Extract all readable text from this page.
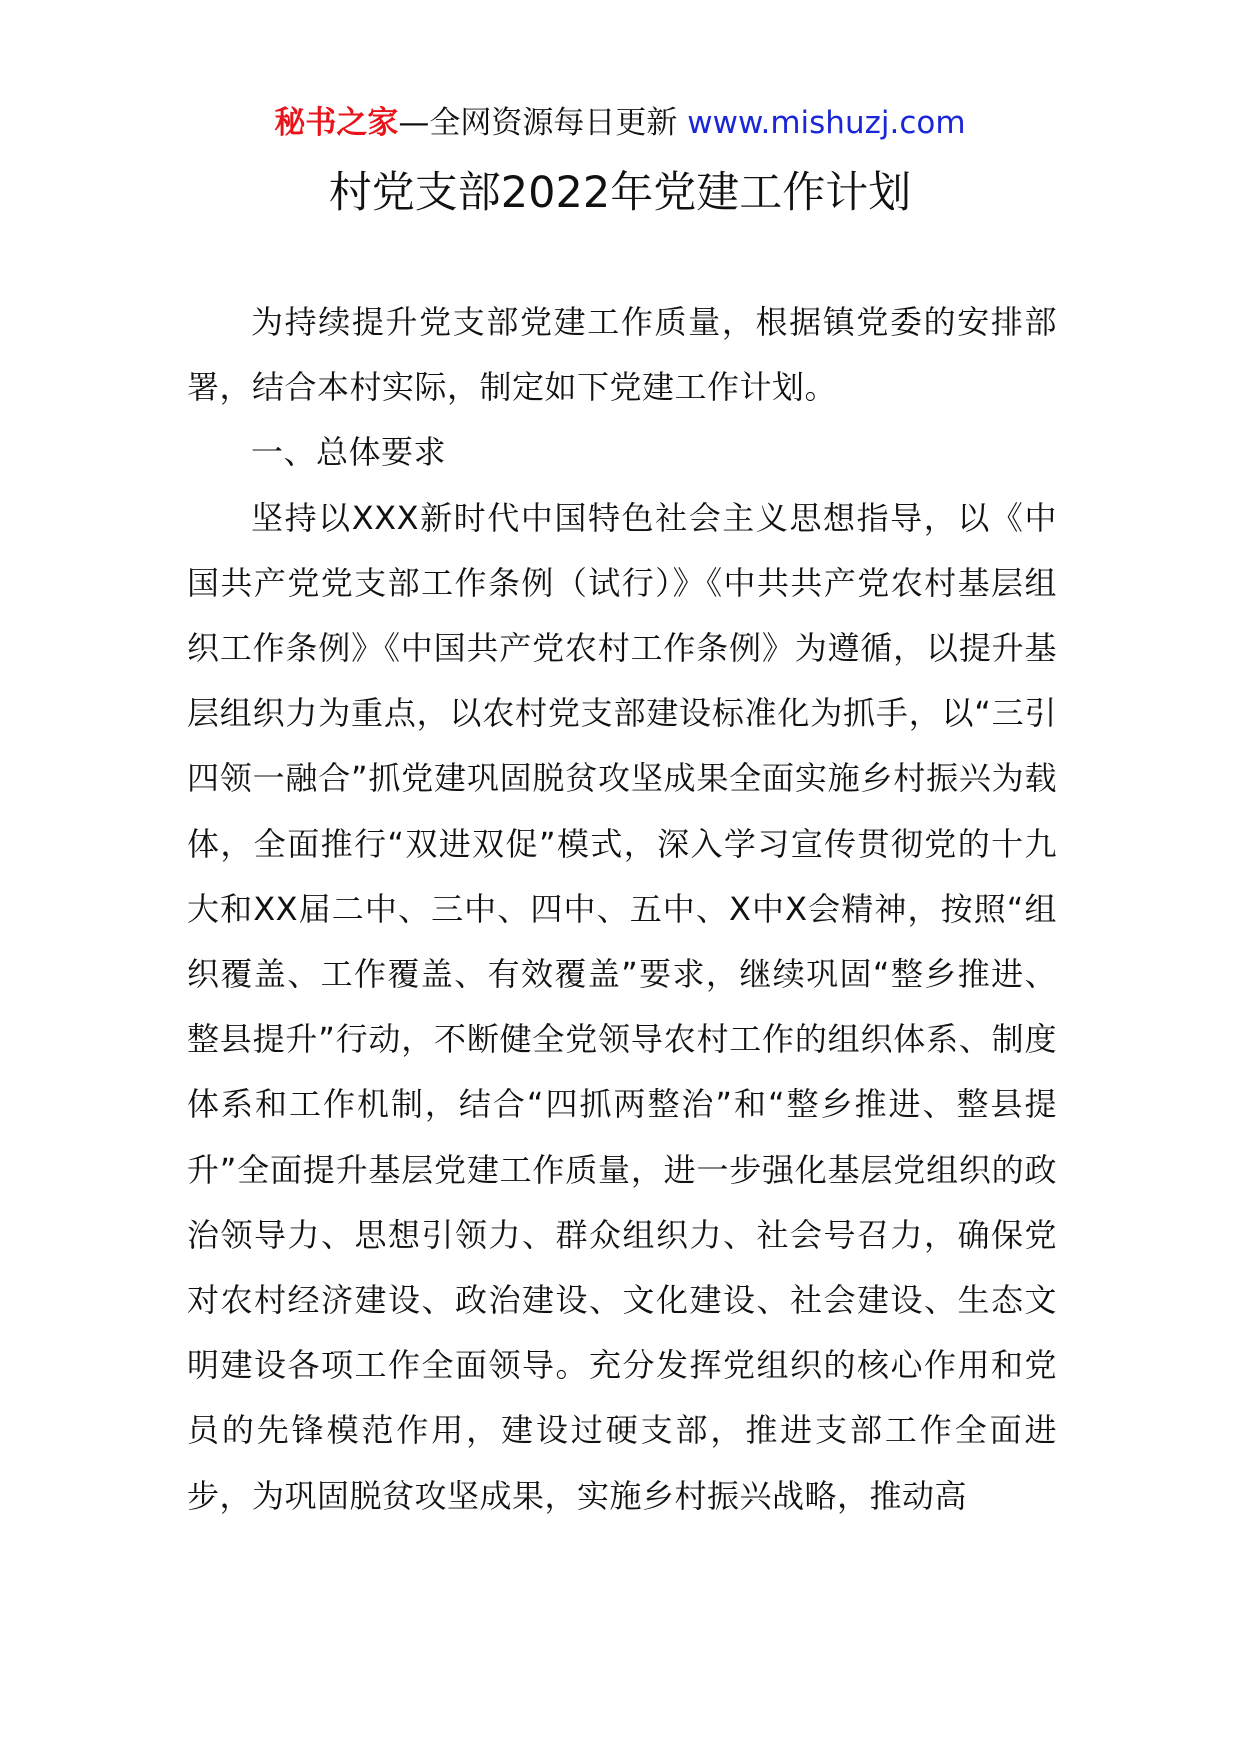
秘书之家—全网资源每日更新 www.mishuzj.com
村党支部2022年党建工作计划

为持续提升党支部党建工作质量，根据镇党委的安排部署，结合本村实际，制定如下党建工作计划。

一、总体要求

坚持以XXX新时代中国特色社会主义思想指导，以《中国共产党党支部工作条例（试行）》《中共共产党农村基层组织工作条例》《中国共产党农村工作条例》为遵循，以提升基层组织力为重点，以农村党支部建设标准化为抓手，以“三引四领一融合”抓党建巩固脱贫攻坚成果全面实施乡村振兴为载体，全面推行“双进双促”模式，深入学习宣传贯彻党的十九大和XX届二中、三中、四中、五中、X中X会精神，按照“组织覆盖、工作覆盖、有效覆盖”要求，继续巩固“整乡推进、整县提升”行动，不断健全党领导农村工作的组织体系、制度体系和工作机制，结合“四抓两整治”和“整乡推进、整县提升”全面提升基层党建工作质量，进一步强化基层党组织的政治领导力、思想引领力、群众组织力、社会号召力，确保党对农村经济建设、政治建设、文化建设、社会建设、生态文明建设各项工作全面领导。充分发挥党组织的核心作用和党员的先锋模范作用，建设过硬支部，推进支部工作全面进步，为巩固脱贫攻坚成果，实施乡村振兴战略，推动高
